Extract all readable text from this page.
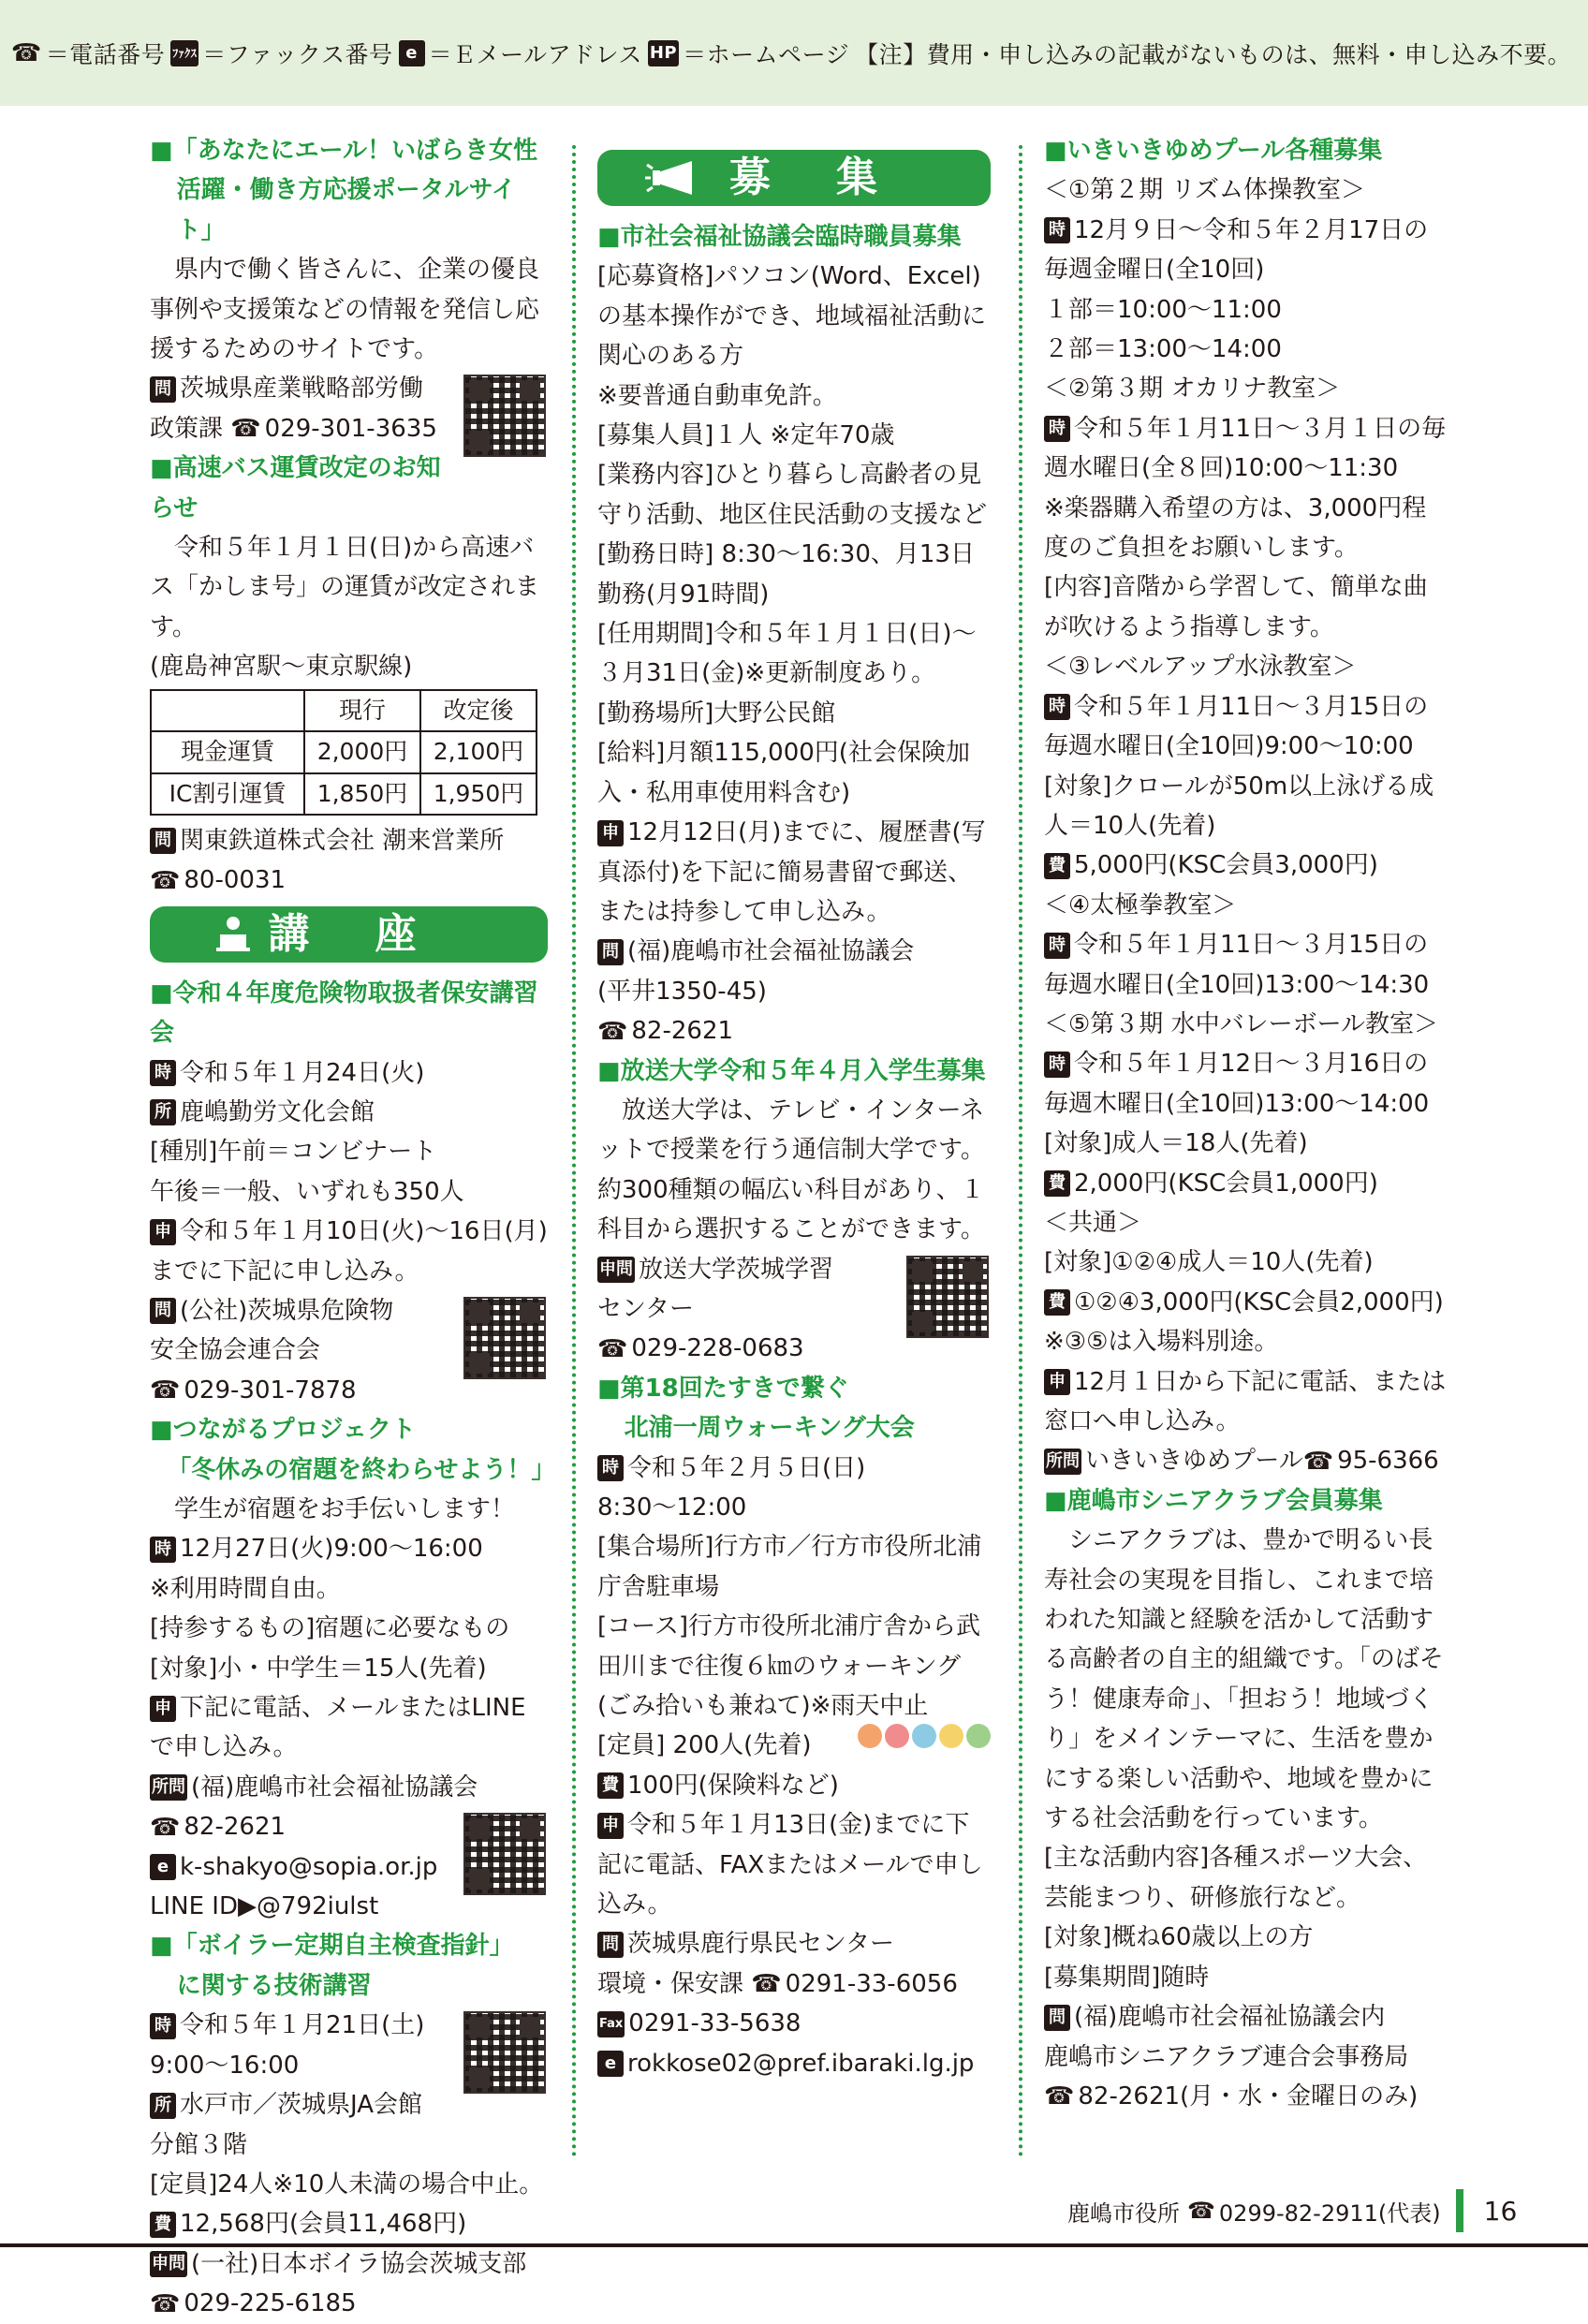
☎ ＝電話番号 ﾌｧｸｽ ＝ファックス番号 e ＝Ｅメールアドレス HP ＝ホームページ 【注】費用・申し込みの記載がないものは、無料・申し込み不要。
■「あなたにエール！いばらき女性
活躍・働き方応援ポータルサイト」
県内で働く皆さんに、企業の優良事例や支援策などの情報を発信し応援するためのサイトです。
問 茨城県産業戦略部労働
政策課 ☎ 029-301-3635
■高速バス運賃改定のお知らせ
令和５年１月１日(日)から高速バス「かしま号」の運賃が改定されます。
(鹿島神宮駅～東京駅線)
	現行	改定後
現金運賃	2,000円	2,100円
IC割引運賃	1,850円	1,950円
問 関東鉄道株式会社 潮来営業所
☎ 80-0031
講座
■令和４年度危険物取扱者保安講習会
時 令和５年１月24日(火)
所 鹿嶋勤労文化会館
[種別]午前＝コンビナート
午後＝一般、いずれも350人
申 令和５年１月10日(火)～16日(月)までに下記に申し込み。
問 (公社)茨城県危険物
安全協会連合会
☎ 029-301-7878
■つながるプロジェクト
「冬休みの宿題を終わらせよう！」
学生が宿題をお手伝いします！
時 12月27日(火)9:00～16:00
※利用時間自由。
[持参するもの]宿題に必要なもの
[対象]小・中学生＝15人(先着)
申 下記に電話、メールまたはLINEで申し込み。
所問 (福)鹿嶋市社会福祉協議会
☎ 82-2621
e k-shakyo@sopia.or.jp
LINE ID▶@792iulst
■「ボイラー定期自主検査指針」
に関する技術講習
時 令和５年１月21日(土)
9:00～16:00
所 水戸市／茨城県JA会館 分館３階
[定員]24人※10人未満の場合中止。
費 12,568円(会員11,468円)
申問 (一社)日本ボイラ協会茨城支部
☎ 029-225-6185
募集
■市社会福祉協議会臨時職員募集
[応募資格]パソコン(Word、Excel)の基本操作ができ、地域福祉活動に関心のある方
※要普通自動車免許。
[募集人員]１人 ※定年70歳
[業務内容]ひとり暮らし高齢者の見守り活動、地区住民活動の支援など
[勤務日時] 8:30～16:30、月13日勤務(月91時間)
[任用期間]令和５年１月１日(日)～３月31日(金)※更新制度あり。
[勤務場所]大野公民館
[給料]月額115,000円(社会保険加入・私用車使用料含む)
申 12月12日(月)までに、履歴書(写真添付)を下記に簡易書留で郵送、または持参して申し込み。
問 (福)鹿嶋市社会福祉協議会
(平井1350-45)
☎ 82-2621
■放送大学令和５年４月入学生募集
放送大学は、テレビ・インターネットで授業を行う通信制大学です。約300種類の幅広い科目があり、１科目から選択することができます。
申問 放送大学茨城学習
センター
☎ 029-228-0683
■第18回たすきで繋ぐ
北浦一周ウォーキング大会
時 令和５年２月５日(日)
8:30～12:00
[集合場所]行方市／行方市役所北浦庁舎駐車場
[コース]行方市役所北浦庁舎から武田川まで往復６㎞のウォーキング(ごみ拾いも兼ねて)※雨天中止
[定員] 200人(先着)
費 100円(保険料など)
申 令和５年１月13日(金)までに下記に電話、FAXまたはメールで申し込み。
問 茨城県鹿行県民センター
環境・保安課 ☎ 0291-33-6056
Fax 0291-33-5638
e rokkose02@pref.ibaraki.lg.jp
■いきいきゆめプール各種募集
＜①第２期 リズム体操教室＞
時 12月９日～令和５年２月17日の毎週金曜日(全10回)
１部＝10:00～11:00
２部＝13:00～14:00
＜②第３期 オカリナ教室＞
時 令和５年１月11日～３月１日の毎週水曜日(全８回)10:00～11:30
※楽器購入希望の方は、3,000円程度のご負担をお願いします。
[内容]音階から学習して、簡単な曲が吹けるよう指導します。
＜③レベルアップ水泳教室＞
時 令和５年１月11日～３月15日の毎週水曜日(全10回)9:00～10:00
[対象]クロールが50m以上泳げる成人＝10人(先着)
費 5,000円(KSC会員3,000円)
＜④太極拳教室＞
時 令和５年１月11日～３月15日の毎週水曜日(全10回)13:00～14:30
＜⑤第３期 水中バレーボール教室＞
時 令和５年１月12日～３月16日の毎週木曜日(全10回)13:00～14:00
[対象]成人＝18人(先着)
費 2,000円(KSC会員1,000円)
＜共通＞
[対象]①②④成人＝10人(先着)
費 ①②④3,000円(KSC会員2,000円)
※③⑤は入場料別途。
申 12月１日から下記に電話、または窓口へ申し込み。
所問 いきいきゆめプール☎ 95-6366
■鹿嶋市シニアクラブ会員募集
シニアクラブは、豊かで明るい長寿社会の実現を目指し、これまで培われた知識と経験を活かして活動する高齢者の自主的組織です。「のばそう！健康寿命」、「担おう！地域づくり」をメインテーマに、生活を豊かにする楽しい活動や、地域を豊かにする社会活動を行っています。
[主な活動内容]各種スポーツ大会、芸能まつり、研修旅行など。
[対象]概ね60歳以上の方
[募集期間]随時
問 (福)鹿嶋市社会福祉協議会内
鹿嶋市シニアクラブ連合会事務局
☎ 82-2621(月・水・金曜日のみ)
鹿嶋市役所 ☎ 0299-82-2911(代表)	16
